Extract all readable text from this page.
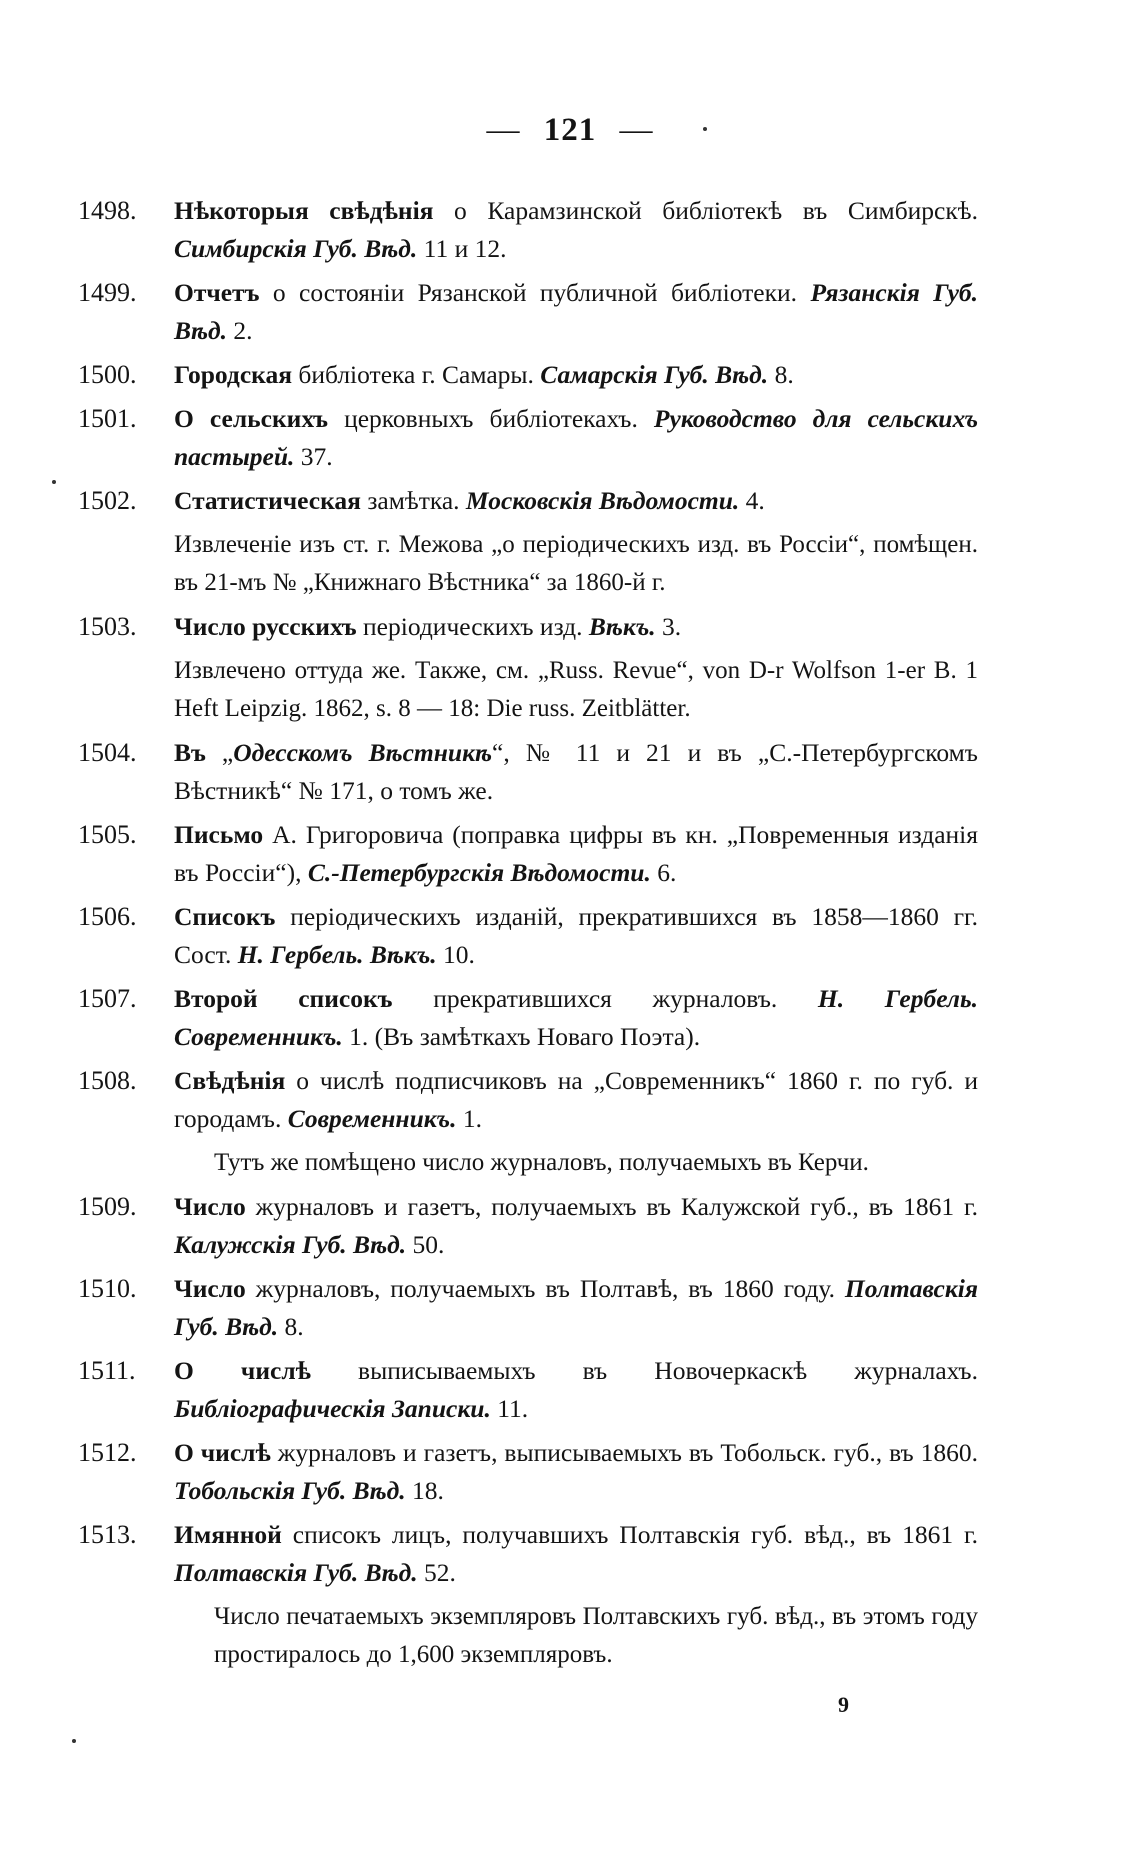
— 121 —
1498.	Нѣкоторыя свѣдѣнія о Карамзинской библіотекѣ въ Симбирскѣ. Симбирскія Губ. Вѣд. 11 и 12.
1499.	Отчетъ о состояніи Рязанской публичной библіотеки. Рязанскія Губ. Вѣд. 2.
1500.	Городская библіотека г. Самары. Самарскія Губ. Вѣд. 8.
1501.	О сельскихъ церковныхъ библіотекахъ. Руководство для сельскихъ пастырей. 37.
1502.	Статистическая замѣтка. Московскія Вѣдомости. 4.
Извлеченіе изъ ст. г. Межова „о періодическихъ изд. въ Россіи“, помѣщен. въ 21-мъ № „Книжнаго Вѣстника“ за 1860-й г.
1503.	Число русскихъ періодическихъ изд. Вѣкъ. 3.
Извлечено оттуда же. Также, см. „Russ. Revue“, von D-r Wolfson 1-er B. 1 Heft Leipzig. 1862, s. 8 — 18: Die russ. Zeitblätter.
1504.	Въ „Одесскомъ Вѣстникѣ“, № 11 и 21 и въ „С.-Петербургскомъ Вѣстникѣ“ № 171, о томъ же.
1505.	Письмо А. Григоровича (поправка цифры въ кн. „Повременныя изданія въ Россіи“), С.-Петербургскія Вѣдомости. 6.
1506.	Списокъ періодическихъ изданій, прекратившихся въ 1858—1860 гг. Сост. Н. Гербель. Вѣкъ. 10.
1507.	Второй списокъ прекратившихся журналовъ. Н. Гербель. Современникъ. 1. (Въ замѣткахъ Новаго Поэта).
1508.	Свѣдѣнія о числѣ подписчиковъ на „Современникъ“ 1860 г. по губ. и городамъ. Современникъ. 1.
Тутъ же помѣщено число журналовъ, получаемыхъ въ Керчи.
1509.	Число журналовъ и газетъ, получаемыхъ въ Калужской губ., въ 1861 г. Калужскія Губ. Вѣд. 50.
1510.	Число журналовъ, получаемыхъ въ Полтавѣ, въ 1860 году. Полтавскія Губ. Вѣд. 8.
1511.	О числѣ выписываемыхъ въ Новочеркаскѣ журналахъ. Библіографическія Записки. 11.
1512.	О числѣ журналовъ и газетъ, выписываемыхъ въ Тобольск. губ., въ 1860. Тобольскія Губ. Вѣд. 18.
1513.	Имянной списокъ лицъ, получавшихъ Полтавскія губ. вѣд., въ 1861 г. Полтавскія Губ. Вѣд. 52.
Число печатаемыхъ экземпляровъ Полтавскихъ губ. вѣд., въ этомъ году простиралось до 1,600 экземпляровъ.
9
